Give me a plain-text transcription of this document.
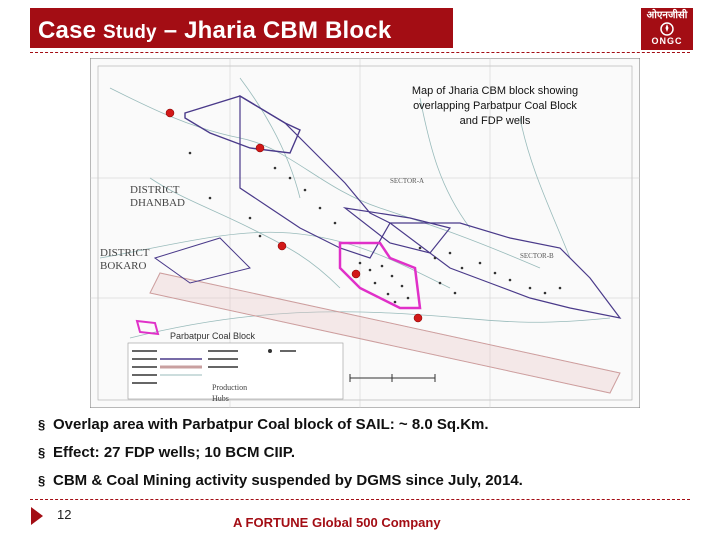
Case Study – Jharia CBM Block
ओएनजीसी
ONGC
DISTRICT
DHANBAD
DISTRICT
BOKARO
SECTOR-A
SECTOR-B
Parbatpur Coal Block
Production
Hubs
Map of Jharia CBM block showing
overlapping Parbatpur Coal Block
and FDP wells
§ Overlap area with Parbatpur Coal block of SAIL: ~ 8.0 Sq.Km.
§ Effect: 27 FDP wells; 10 BCM CIIP.
§ CBM & Coal Mining activity suspended by DGMS since July, 2014.
12
A FORTUNE Global 500 Company
